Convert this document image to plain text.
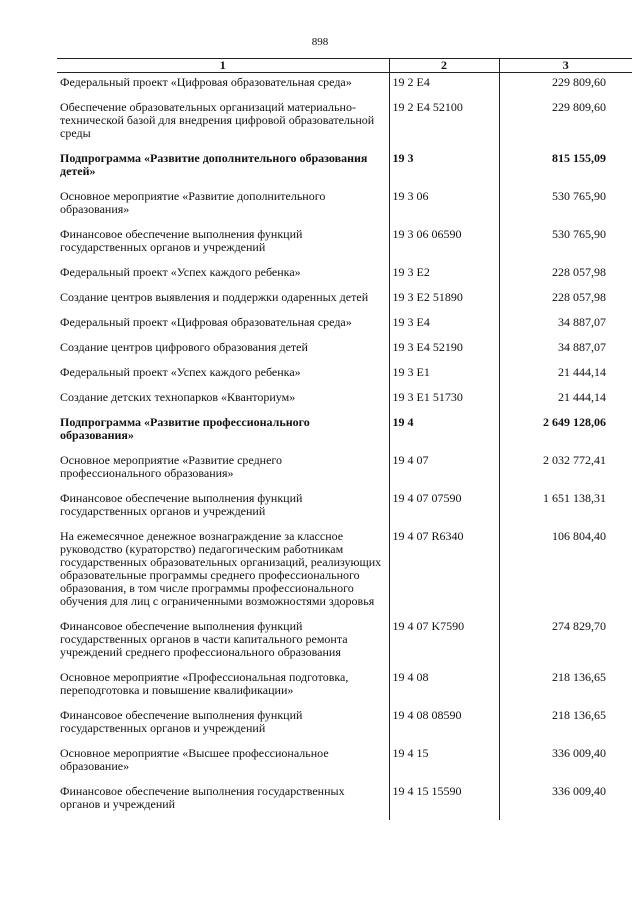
898
1	2	3
Федеральный проект «Цифровая образовательная среда»	19 2 E4	229 809,60
Обеспечение образовательных организаций материально-технической базой для внедрения цифровой образовательной среды	19 2 E4 52100	229 809,60
Подпрограмма «Развитие дополнительного образования детей»	19 3	815 155,09
Основное мероприятие «Развитие дополнительного образования»	19 3 06	530 765,90
Финансовое обеспечение выполнения функций государственных органов и учреждений	19 3 06 06590	530 765,90
Федеральный проект «Успех каждого ребенка»	19 3 E2	228 057,98
Создание центров выявления и поддержки одаренных детей	19 3 E2 51890	228 057,98
Федеральный проект «Цифровая образовательная среда»	19 3 E4	34 887,07
Создание центров цифрового образования детей	19 3 E4 52190	34 887,07
Федеральный проект «Успех каждого ребенка»	19 3 E1	21 444,14
Создание детских технопарков «Кванториум»	19 3 E1 51730	21 444,14
Подпрограмма «Развитие профессионального образования»	19 4	2 649 128,06
Основное мероприятие «Развитие среднего профессионального образования»	19 4 07	2 032 772,41
Финансовое обеспечение выполнения функций государственных органов и учреждений	19 4 07 07590	1 651 138,31
На ежемесячное денежное вознаграждение за классное руководство (кураторство) педагогическим работникам государственных образовательных организаций, реализующих образовательные программы среднего профессионального образования, в том числе программы профессионального обучения для лиц с ограниченными возможностями здоровья	19 4 07 R6340	106 804,40
Финансовое обеспечение выполнения функций государственных органов в части капитального ремонта учреждений среднего профессионального образования	19 4 07 K7590	274 829,70
Основное мероприятие «Профессиональная подготовка, переподготовка и повышение квалификации»	19 4 08	218 136,65
Финансовое обеспечение выполнения функций государственных органов и учреждений	19 4 08 08590	218 136,65
Основное мероприятие «Высшее профессиональное образование»	19 4 15	336 009,40
Финансовое обеспечение выполнения государственных органов и учреждений	19 4 15 15590	336 009,40
